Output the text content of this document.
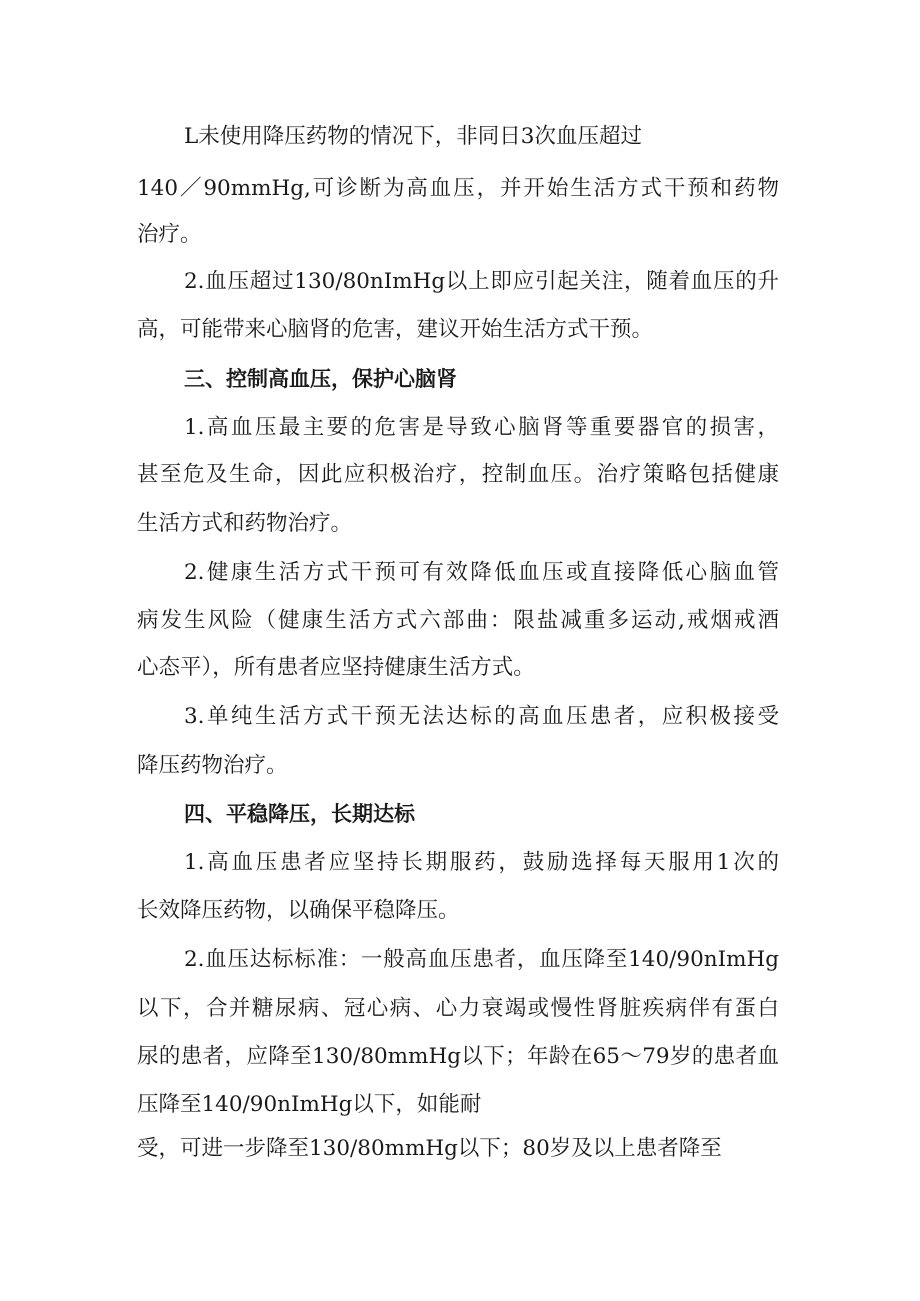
L未使用降压药物的情况下，非同日3次血压超过
140／90mmHg,可诊断为高血压，并开始生活方式干预和药物
治疗。
2.血压超过130/80nImHg以上即应引起关注，随着血压的升
高，可能带来心脑肾的危害，建议开始生活方式干预。
三、控制高血压，保护心脑肾
1.高血压最主要的危害是导致心脑肾等重要器官的损害，
甚至危及生命，因此应积极治疗，控制血压。治疗策略包括健康
生活方式和药物治疗。
2.健康生活方式干预可有效降低血压或直接降低心脑血管
病发生风险（健康生活方式六部曲：限盐减重多运动,戒烟戒酒
心态平），所有患者应坚持健康生活方式。
3.单纯生活方式干预无法达标的高血压患者，应积极接受
降压药物治疗。
四、平稳降压，长期达标
1.高血压患者应坚持长期服药，鼓励选择每天服用1次的
长效降压药物，以确保平稳降压。
2.血压达标标准：一般高血压患者，血压降至140/90nImHg
以下，合并糖尿病、冠心病、心力衰竭或慢性肾脏疾病伴有蛋白
尿的患者，应降至130/80mmHg以下；年龄在65～79岁的患者血
压降至140/90nImHg以下，如能耐
受，可进一步降至130/80mmHg以下；80岁及以上患者降至
